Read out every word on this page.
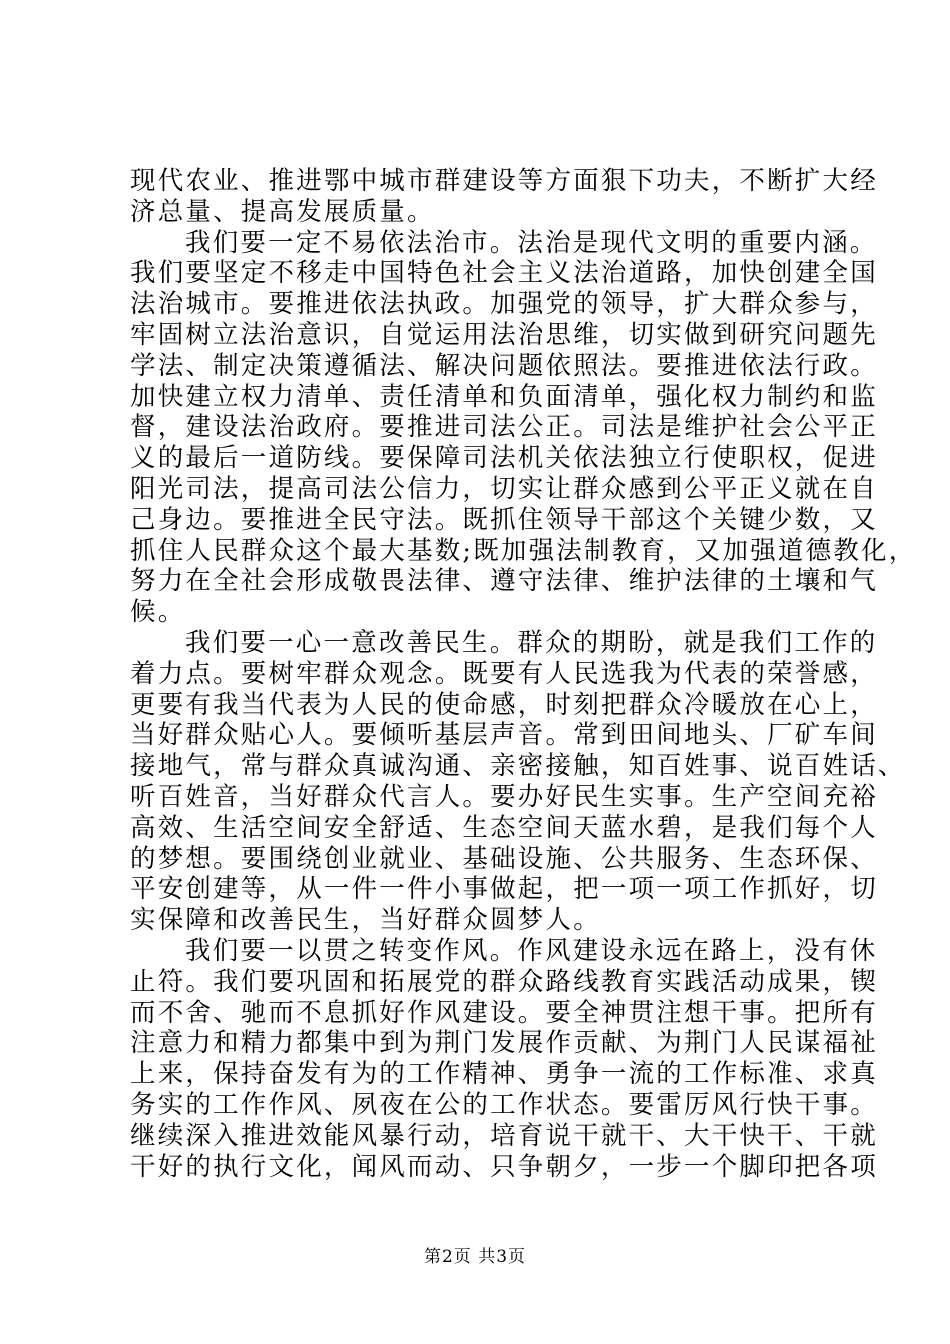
现代农业、推进鄂中城市群建设等方面狠下功夫，不断扩大经
济总量、提高发展质量。
我们要一定不易依法治市。法治是现代文明的重要内涵。
我们要坚定不移走中国特色社会主义法治道路，加快创建全国
法治城市。要推进依法执政。加强党的领导，扩大群众参与，
牢固树立法治意识，自觉运用法治思维，切实做到研究问题先
学法、制定决策遵循法、解决问题依照法。要推进依法行政。
加快建立权力清单、责任清单和负面清单，强化权力制约和监
督，建设法治政府。要推进司法公正。司法是维护社会公平正
义的最后一道防线。要保障司法机关依法独立行使职权，促进
阳光司法，提高司法公信力，切实让群众感到公平正义就在自
己身边。要推进全民守法。既抓住领导干部这个关键少数，又
抓住人民群众这个最大基数;既加强法制教育，又加强道德教化，
努力在全社会形成敬畏法律、遵守法律、维护法律的土壤和气
候。
我们要一心一意改善民生。群众的期盼，就是我们工作的
着力点。要树牢群众观念。既要有人民选我为代表的荣誉感，
更要有我当代表为人民的使命感，时刻把群众冷暖放在心上，
当好群众贴心人。要倾听基层声音。常到田间地头、厂矿车间
接地气，常与群众真诚沟通、亲密接触，知百姓事、说百姓话、
听百姓音，当好群众代言人。要办好民生实事。生产空间充裕
高效、生活空间安全舒适、生态空间天蓝水碧，是我们每个人
的梦想。要围绕创业就业、基础设施、公共服务、生态环保、
平安创建等，从一件一件小事做起，把一项一项工作抓好，切
实保障和改善民生，当好群众圆梦人。
我们要一以贯之转变作风。作风建设永远在路上，没有休
止符。我们要巩固和拓展党的群众路线教育实践活动成果，锲
而不舍、驰而不息抓好作风建设。要全神贯注想干事。把所有
注意力和精力都集中到为荆门发展作贡献、为荆门人民谋福祉
上来，保持奋发有为的工作精神、勇争一流的工作标准、求真
务实的工作作风、夙夜在公的工作状态。要雷厉风行快干事。
继续深入推进效能风暴行动，培育说干就干、大干快干、干就
干好的执行文化，闻风而动、只争朝夕，一步一个脚印把各项
第2页 共3页
